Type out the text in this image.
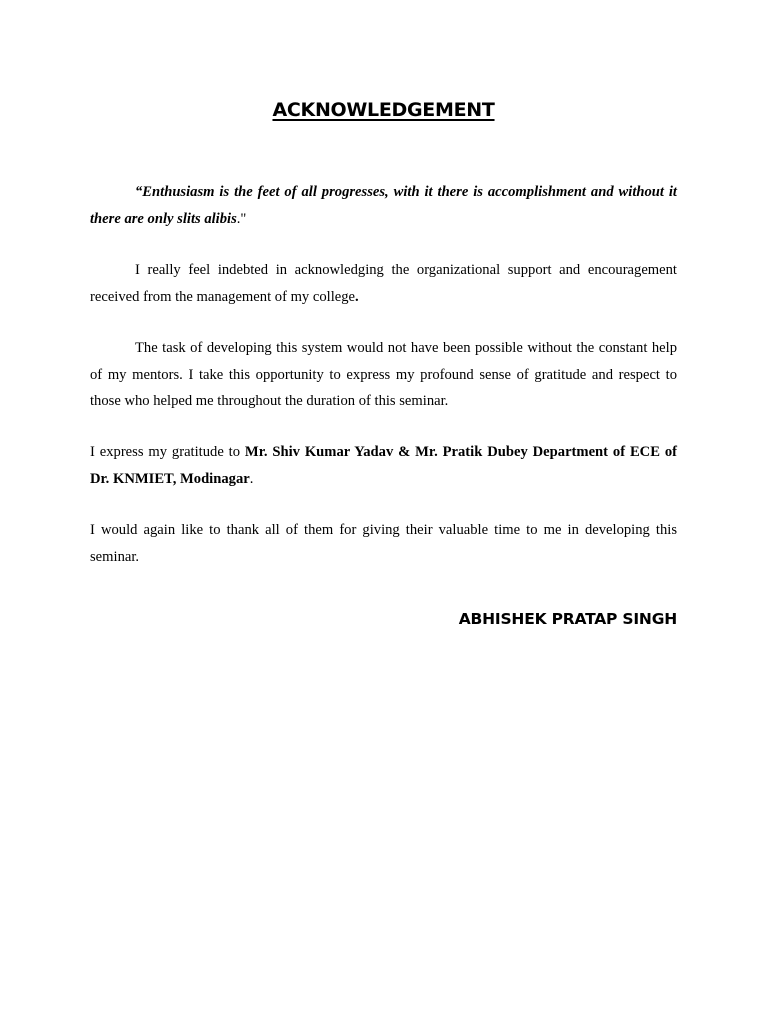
ACKNOWLEDGEMENT

“Enthusiasm is the feet of all progresses, with it there is accomplishment and without it there are only slits alibis."

I really feel indebted in acknowledging the organizational support and encouragement received from the management of my college.

The task of developing this system would not have been possible without the constant help of my mentors. I take this opportunity to express my profound sense of gratitude and respect to those who helped me throughout the duration of this seminar.

I express my gratitude to Mr. Shiv Kumar Yadav & Mr. Pratik Dubey Department of ECE of Dr. KNMIET, Modinagar.

I would again like to thank all of them for giving their valuable time to me in developing this seminar.

ABHISHEK PRATAP SINGH
